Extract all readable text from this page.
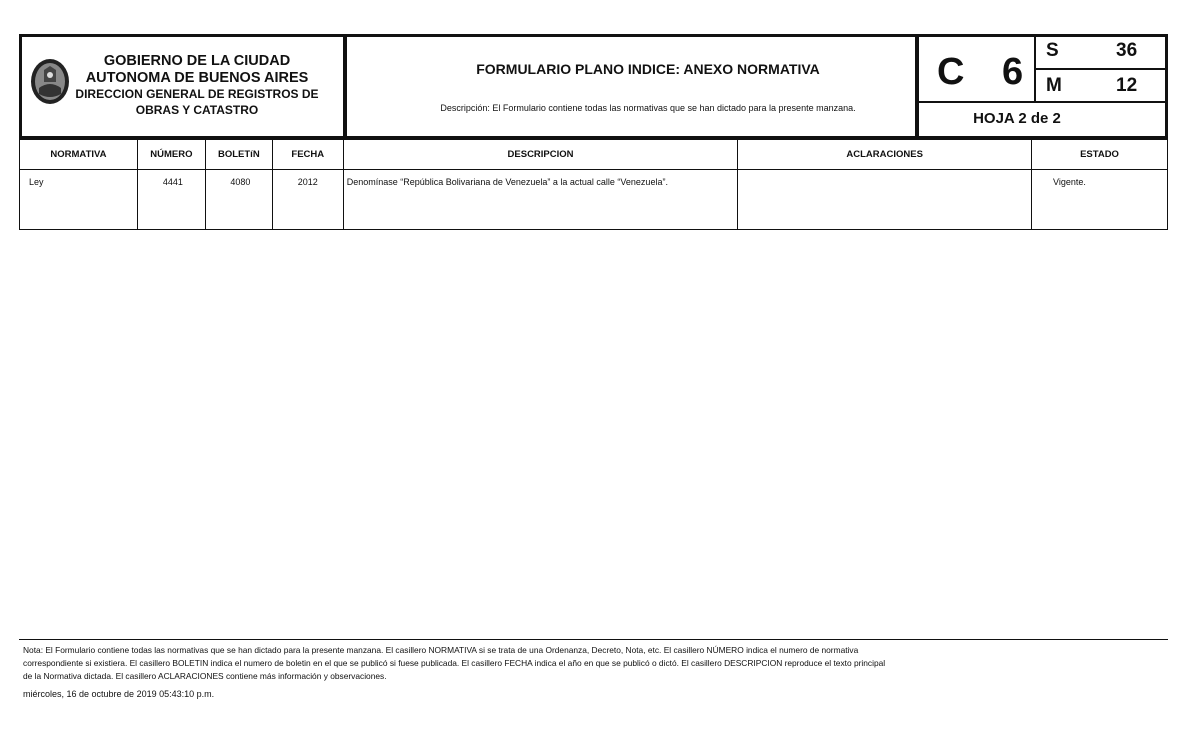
GOBIERNO DE LA CIUDAD
AUTONOMA DE BUENOS AIRES
DIRECCION GENERAL DE REGISTROS DE
OBRAS Y CATASTRO
FORMULARIO PLANO INDICE: ANEXO NORMATIVA
Descripción: El Formulario contiene todas las normativas que se han dictado para la presente manzana.
C 6
S	36
M	12
HOJA 2 de 2
NORMATIVA	NÚMERO	BOLETíN	FECHA	DESCRIPCION	ACLARACIONES	ESTADO
Ley	4441	4080	2012	Denomínase “República Bolivariana de Venezuela” a la actual calle “Venezuela”.		Vigente.
Nota: El Formulario contiene todas las normativas que se han dictado para la presente manzana. El casillero NORMATIVA si se trata de una Ordenanza, Decreto, Nota, etc. El casillero NÚMERO indica el numero de normativa
correspondiente si existiera. El casillero BOLETIN indica el numero de boletin en el que se publicó si fuese publicada. El casillero FECHA indica el año en que se publicó o dictó. El casillero DESCRIPCION reproduce el texto principal
de la Normativa dictada. El casillero ACLARACIONES contiene más información y observaciones.
miércoles, 16 de octubre de 2019 05:43:10 p.m.
